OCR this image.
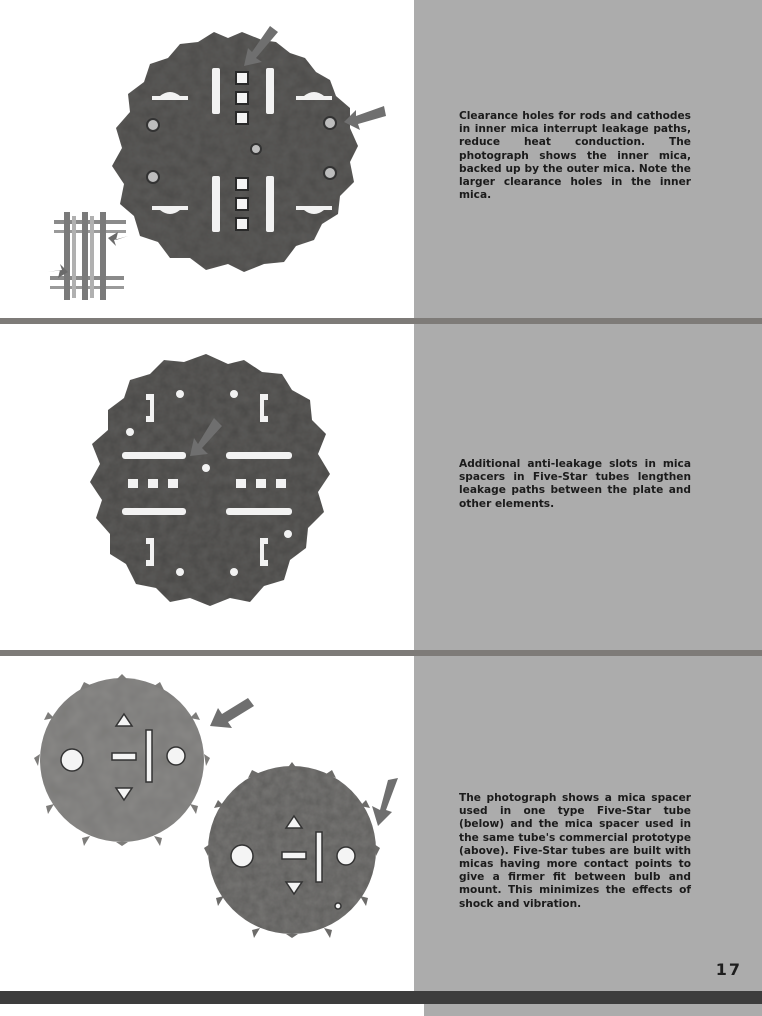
Clearance holes for rods and cathodes in inner mica interrupt leakage paths, reduce heat conduction. The photograph shows the inner mica, backed up by the outer mica. Note the larger clearance holes in the inner mica.

Additional anti-leakage slots in mica spacers in Five-Star tubes lengthen leakage paths between the plate and other elements.

The photograph shows a mica spacer used in one type Five-Star tube (below) and the mica spacer used in the same tube's commercial prototype (above). Five-Star tubes are built with micas having more contact points to give a firmer fit between bulb and mount. This minimizes the effects of shock and vibration.

17
